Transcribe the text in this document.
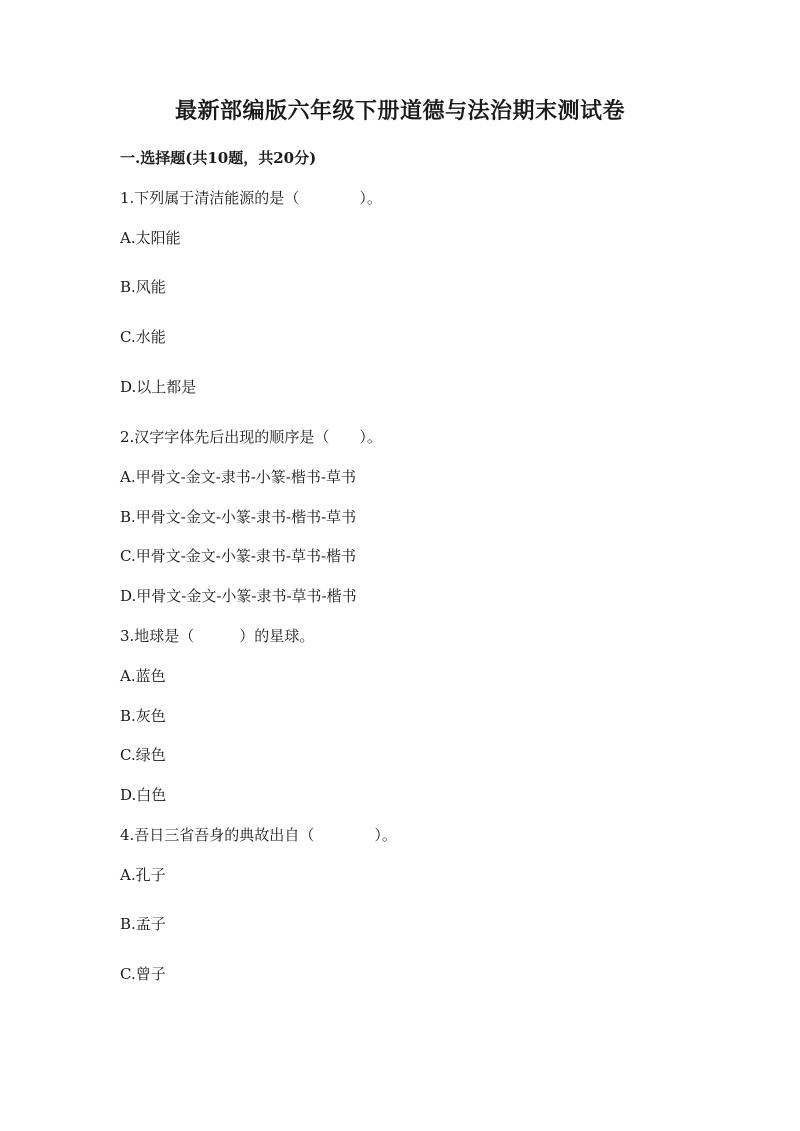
最新部编版六年级下册道德与法治期末测试卷
一.选择题(共10题，共20分)
1.下列属于清洁能源的是（　　　　）。
A.太阳能
B.风能
C.水能
D.以上都是
2.汉字字体先后出现的顺序是（　　）。
A.甲骨文-金文-隶书-小篆-楷书-草书
B.甲骨文-金文-小篆-隶书-楷书-草书
C.甲骨文-金文-小篆-隶书-草书-楷书
D.甲骨文-金文-小篆-隶书-草书-楷书
3.地球是（　　　）的星球。
A.蓝色
B.灰色
C.绿色
D.白色
4.吾日三省吾身的典故出自（　　　　）。
A.孔子
B.孟子
C.曾子
